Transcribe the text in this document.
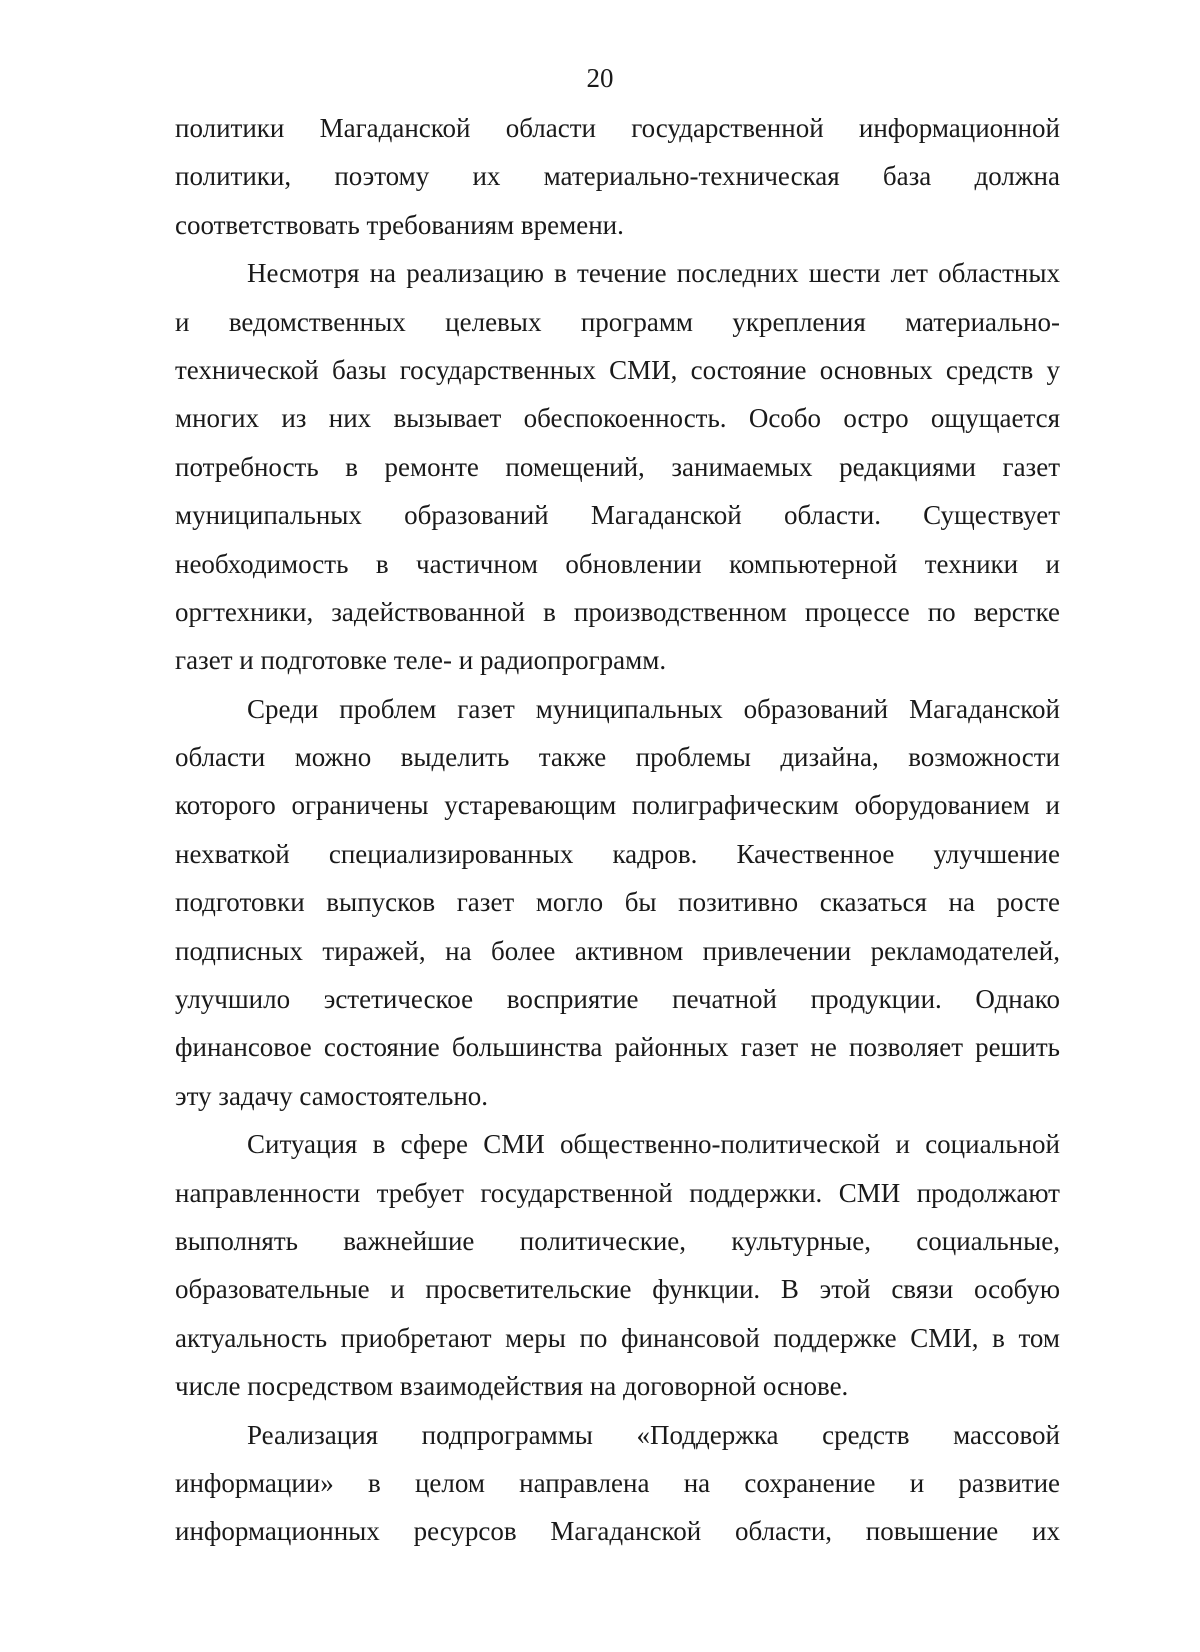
20
политики Магаданской области государственной информационной
политики, поэтому их материально-техническая база должна
соответствовать требованиям времени.
Несмотря на реализацию в течение последних шести лет областных
и ведомственных целевых программ укрепления материально-
технической базы государственных СМИ, состояние основных средств у
многих из них вызывает обеспокоенность. Особо остро ощущается
потребность в ремонте помещений, занимаемых редакциями газет
муниципальных образований Магаданской области. Существует
необходимость в частичном обновлении компьютерной техники и
оргтехники, задействованной в производственном процессе по верстке
газет и подготовке теле- и радиопрограмм.
Среди проблем газет муниципальных образований Магаданской
области можно выделить также проблемы дизайна, возможности
которого ограничены устаревающим полиграфическим оборудованием и
нехваткой специализированных кадров. Качественное улучшение
подготовки выпусков газет могло бы позитивно сказаться на росте
подписных тиражей, на более активном привлечении рекламодателей,
улучшило эстетическое восприятие печатной продукции. Однако
финансовое состояние большинства районных газет не позволяет решить
эту задачу самостоятельно.
Ситуация в сфере СМИ общественно-политической и социальной
направленности требует государственной поддержки. СМИ продолжают
выполнять важнейшие политические, культурные, социальные,
образовательные и просветительские функции. В этой связи особую
актуальность приобретают меры по финансовой поддержке СМИ, в том
числе посредством взаимодействия на договорной основе.
Реализация подпрограммы «Поддержка средств массовой
информации» в целом направлена на сохранение и развитие
информационных ресурсов Магаданской области, повышение их
